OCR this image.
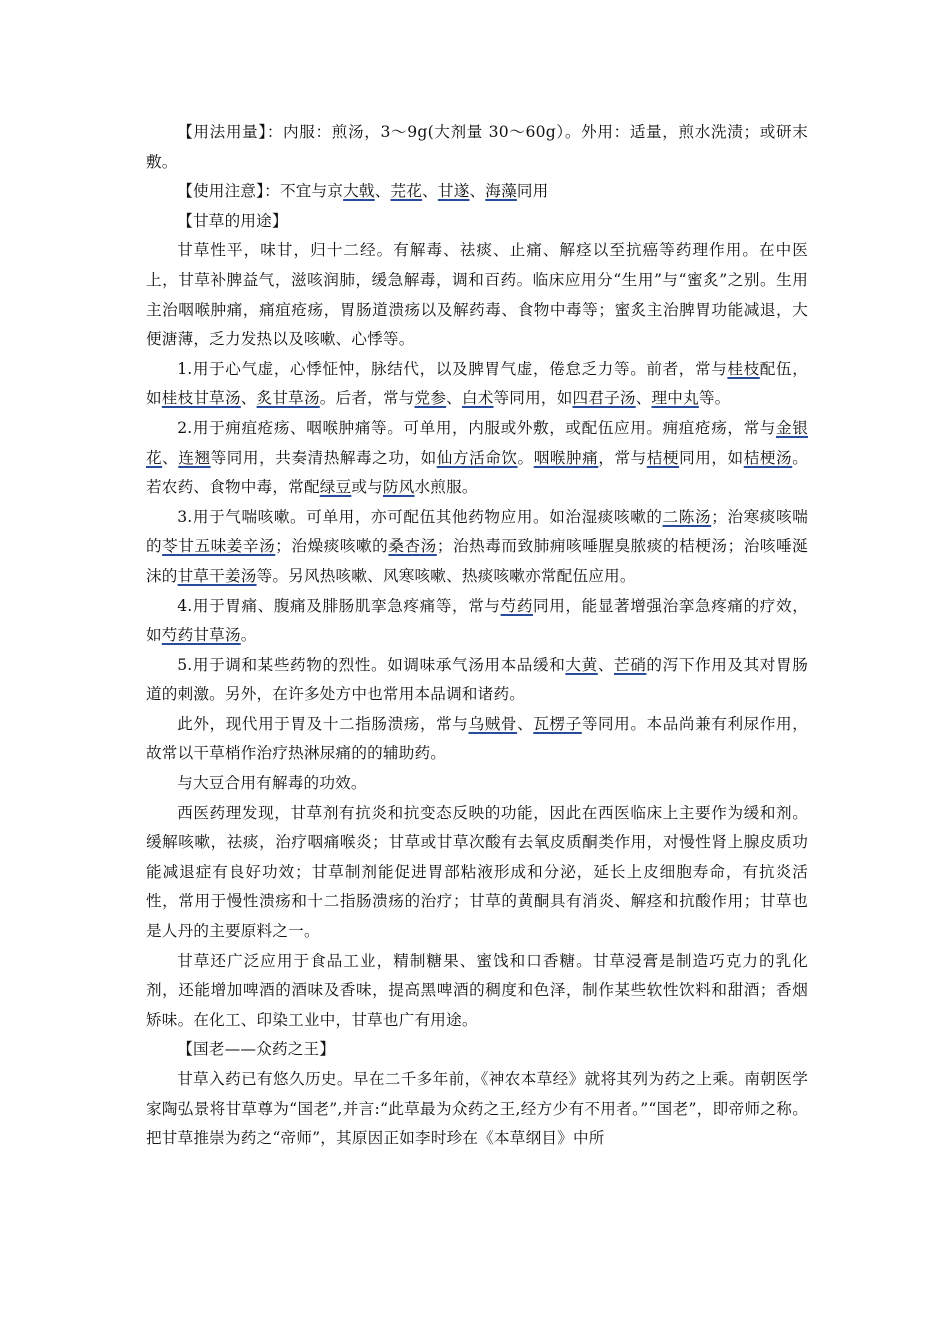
【用法用量】：内服：煎汤，3～9g(大剂量 30～60g）。外用：适量，煎水洗渍；或研末敷。

【使用注意】：不宜与京大戟、芫花、甘遂、海藻同用

【甘草的用途】

甘草性平，味甘，归十二经。有解毒、祛痰、止痛、解痉以至抗癌等药理作用。在中医上，甘草补脾益气，滋咳润肺，缓急解毒，调和百药。临床应用分“生用”与“蜜炙”之别。生用主治咽喉肿痛，痛疽疮疡，胃肠道溃疡以及解药毒、食物中毒等；蜜炙主治脾胃功能减退，大便溏薄，乏力发热以及咳嗽、心悸等。

1.用于心气虚，心悸怔忡，脉结代，以及脾胃气虚，倦怠乏力等。前者，常与桂枝配伍，如桂枝甘草汤、炙甘草汤。后者，常与党参、白术等同用，如四君子汤、理中丸等。

2.用于痈疽疮疡、咽喉肿痛等。可单用，内服或外敷，或配伍应用。痈疽疮疡，常与金银花、连翘等同用，共奏清热解毒之功，如仙方活命饮。咽喉肿痛，常与桔梗同用，如桔梗汤。若农药、食物中毒，常配绿豆或与防风水煎服。

3.用于气喘咳嗽。可单用，亦可配伍其他药物应用。如治湿痰咳嗽的二陈汤；治寒痰咳喘的苓甘五味姜辛汤；治燥痰咳嗽的桑杏汤；治热毒而致肺痈咳唾腥臭脓痰的桔梗汤；治咳唾涎沫的甘草干姜汤等。另风热咳嗽、风寒咳嗽、热痰咳嗽亦常配伍应用。

4.用于胃痛、腹痛及腓肠肌挛急疼痛等，常与芍药同用，能显著增强治挛急疼痛的疗效，如芍药甘草汤。

5.用于调和某些药物的烈性。如调味承气汤用本品缓和大黄、芒硝的泻下作用及其对胃肠道的刺激。另外，在许多处方中也常用本品调和诸药。

此外，现代用于胃及十二指肠溃疡，常与乌贼骨、瓦楞子等同用。本品尚兼有利尿作用，故常以干草梢作治疗热淋尿痛的的辅助药。

与大豆合用有解毒的功效。

西医药理发现，甘草剂有抗炎和抗变态反映的功能，因此在西医临床上主要作为缓和剂。缓解咳嗽，祛痰，治疗咽痛喉炎；甘草或甘草次酸有去氧皮质酮类作用，对慢性肾上腺皮质功能减退症有良好功效；甘草制剂能促进胃部粘液形成和分泌，延长上皮细胞寿命，有抗炎活性，常用于慢性溃疡和十二指肠溃疡的治疗；甘草的黄酮具有消炎、解痉和抗酸作用；甘草也是人丹的主要原料之一。

甘草还广泛应用于食品工业，精制糖果、蜜饯和口香糖。甘草浸膏是制造巧克力的乳化剂，还能增加啤酒的酒味及香味，提高黑啤酒的稠度和色泽，制作某些软性饮料和甜酒；香烟矫味。在化工、印染工业中，甘草也广有用途。

【国老——众药之王】

甘草入药已有悠久历史。早在二千多年前，《神农本草经》就将其列为药之上乘。南朝医学家陶弘景将甘草尊为“国老”,并言:“此草最为众药之王,经方少有不用者。”“国老”，即帝师之称。把甘草推崇为药之“帝师”，其原因正如李时珍在《本草纲目》中所
